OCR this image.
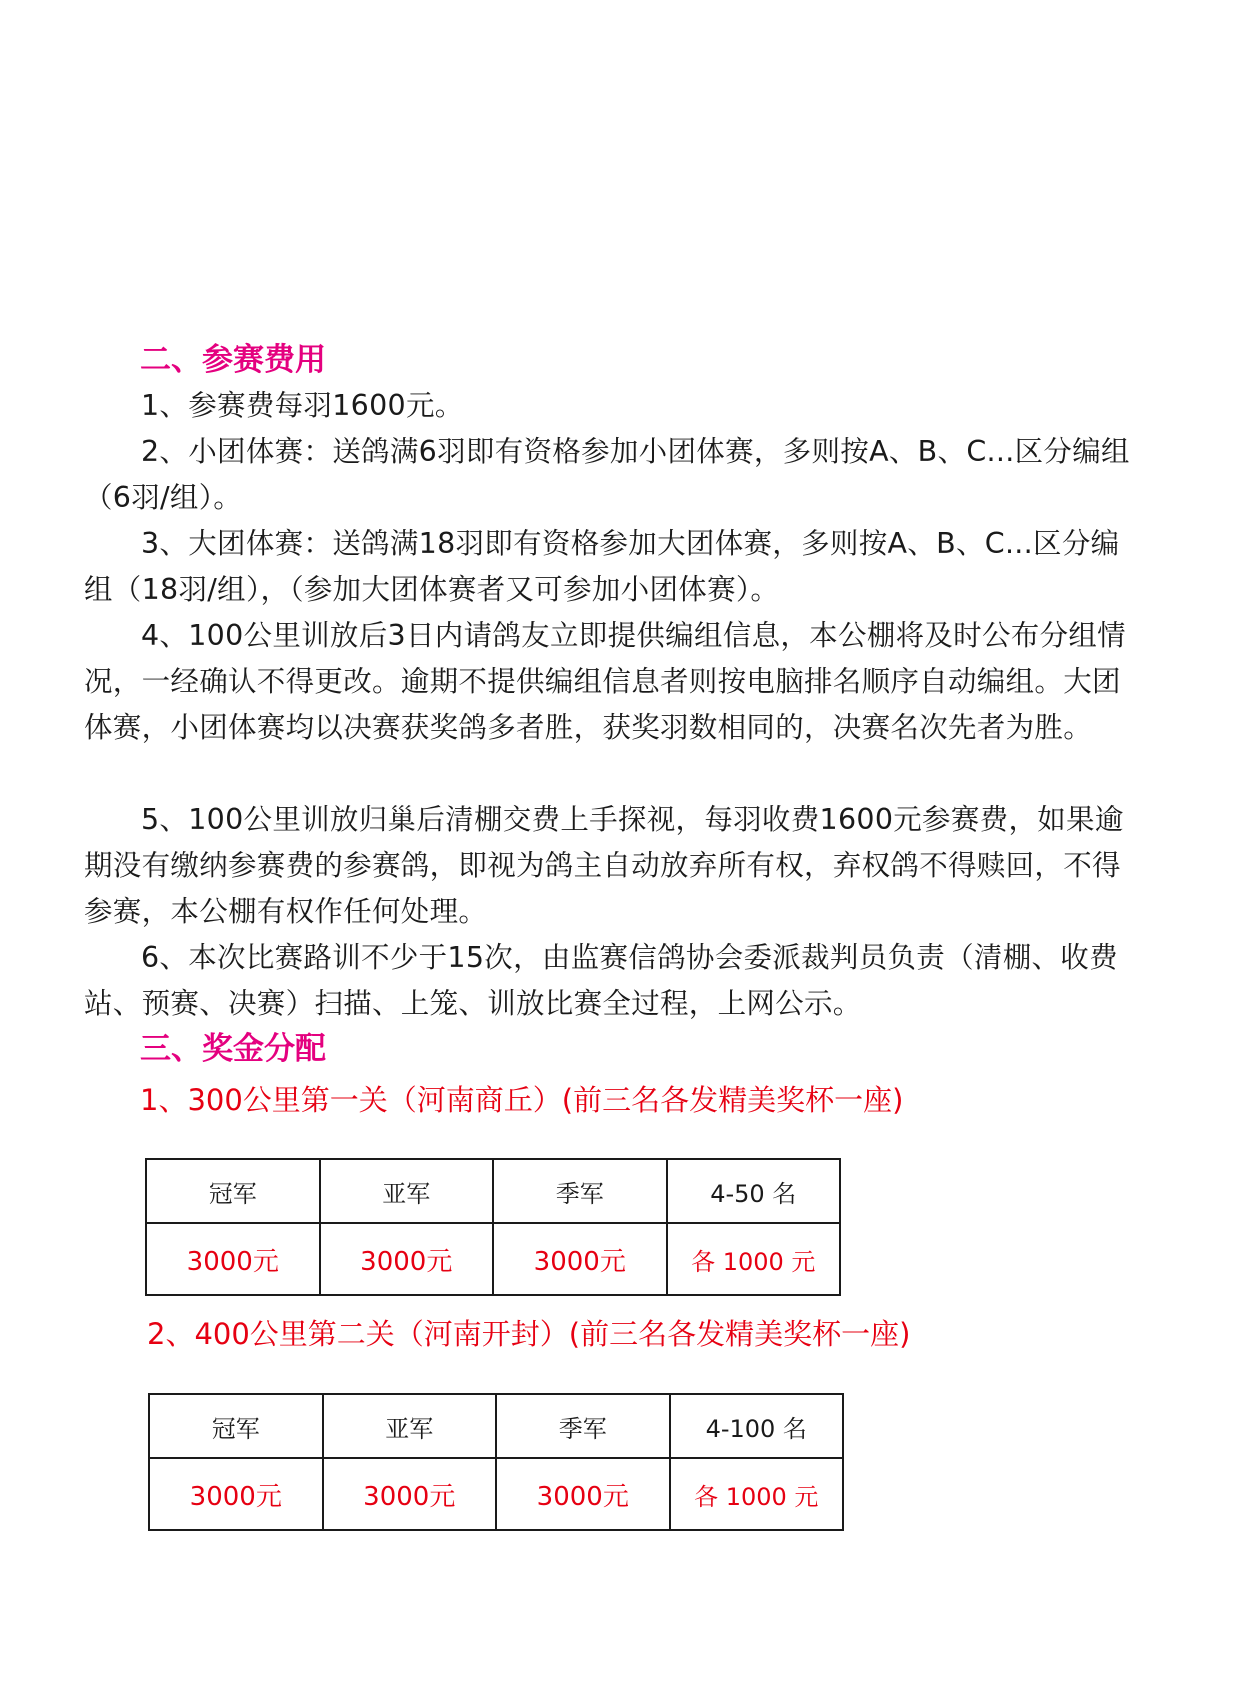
二、参赛费用
1、参赛费每羽1600元。
2、小团体赛：送鸽满6羽即有资格参加小团体赛，多则按A、B、C...区分编组（6羽/组）。
3、大团体赛：送鸽满18羽即有资格参加大团体赛，多则按A、B、C...区分编组（18羽/组），（参加大团体赛者又可参加小团体赛）。
4、100公里训放后3日内请鸽友立即提供编组信息，本公棚将及时公布分组情况，一经确认不得更改。逾期不提供编组信息者则按电脑排名顺序自动编组。大团体赛，小团体赛均以决赛获奖鸽多者胜，获奖羽数相同的，决赛名次先者为胜。
5、100公里训放归巢后清棚交费上手探视，每羽收费1600元参赛费，如果逾期没有缴纳参赛费的参赛鸽，即视为鸽主自动放弃所有权，弃权鸽不得赎回，不得参赛，本公棚有权作任何处理。
6、本次比赛路训不少于15次，由监赛信鸽协会委派裁判员负责（清棚、收费站、预赛、决赛）扫描、上笼、训放比赛全过程，上网公示。
三、奖金分配
1、300公里第一关（河南商丘）(前三名各发精美奖杯一座)
冠军	亚军	季军	4-50 名
3000元	3000元	3000元	各 1000 元
2、400公里第二关（河南开封）(前三名各发精美奖杯一座)
冠军	亚军	季军	4-100 名
3000元	3000元	3000元	各 1000 元
